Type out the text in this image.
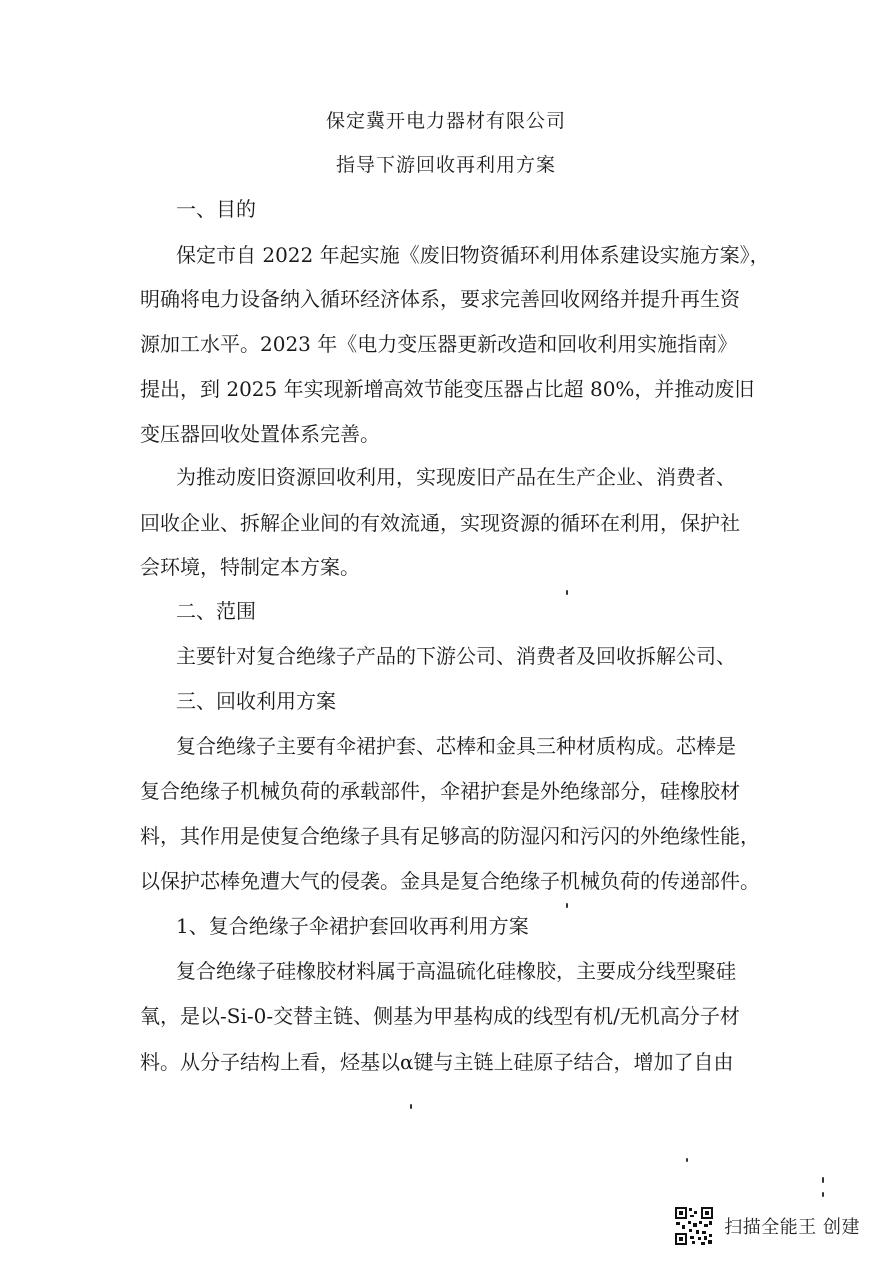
保定冀开电力器材有限公司
指导下游回收再利用方案
一、目的
保定市自 2022 年起实施《废旧物资循环利用体系建设实施方案》，
明确将电力设备纳入循环经济体系，要求完善回收网络并提升再生资
源加工水平。2023 年《电力变压器更新改造和回收利用实施指南》
提出，到 2025 年实现新增高效节能变压器占比超 80%，并推动废旧
变压器回收处置体系完善。
为推动废旧资源回收利用，实现废旧产品在生产企业、消费者、
回收企业、拆解企业间的有效流通，实现资源的循环在利用，保护社
会环境，特制定本方案。
二、范围
主要针对复合绝缘子产品的下游公司、消费者及回收拆解公司、
三、回收利用方案
复合绝缘子主要有伞裙护套、芯棒和金具三种材质构成。芯棒是
复合绝缘子机械负荷的承载部件，伞裙护套是外绝缘部分，硅橡胶材
料，其作用是使复合绝缘子具有足够高的防湿闪和污闪的外绝缘性能，
以保护芯棒免遭大气的侵袭。金具是复合绝缘子机械负荷的传递部件。
1、复合绝缘子伞裙护套回收再利用方案
复合绝缘子硅橡胶材料属于高温硫化硅橡胶，主要成分线型聚硅
氧，是以-Si-0-交替主链、侧基为甲基构成的线型有机/无机高分子材
料。从分子结构上看，烃基以α键与主链上硅原子结合，增加了自由
扫描全能王 创建
